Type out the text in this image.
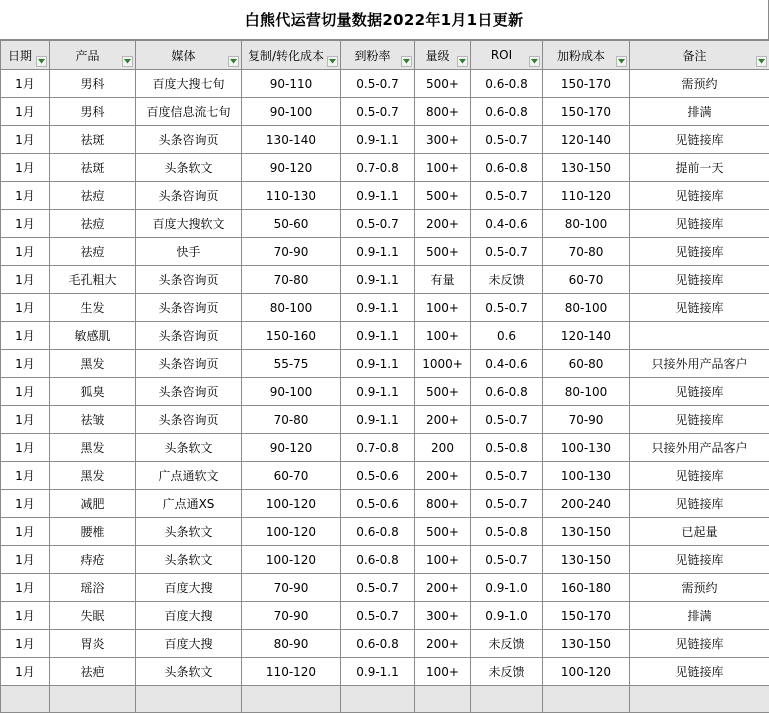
白熊代运营切量数据2022年1月1日更新
日期	产品	媒体	复制/转化成本	到粉率	量级	ROI	加粉成本	备注

1月	男科	百度大搜七旬	90-110	0.5-0.7	500+	0.6-0.8	150-170	需预约
1月	男科	百度信息流七旬	90-100	0.5-0.7	800+	0.6-0.8	150-170	排满
1月	祛斑	头条咨询页	130-140	0.9-1.1	300+	0.5-0.7	120-140	见链接库
1月	祛斑	头条软文	90-120	0.7-0.8	100+	0.6-0.8	130-150	提前一天
1月	祛痘	头条咨询页	110-130	0.9-1.1	500+	0.5-0.7	110-120	见链接库
1月	祛痘	百度大搜软文	50-60	0.5-0.7	200+	0.4-0.6	80-100	见链接库
1月	祛痘	快手	70-90	0.9-1.1	500+	0.5-0.7	70-80	见链接库
1月	毛孔粗大	头条咨询页	70-80	0.9-1.1	有量	未反馈	60-70	见链接库
1月	生发	头条咨询页	80-100	0.9-1.1	100+	0.5-0.7	80-100	见链接库
1月	敏感肌	头条咨询页	150-160	0.9-1.1	100+	0.6	120-140	
1月	黑发	头条咨询页	55-75	0.9-1.1	1000+	0.4-0.6	60-80	只接外用产品客户
1月	狐臭	头条咨询页	90-100	0.9-1.1	500+	0.6-0.8	80-100	见链接库
1月	祛皱	头条咨询页	70-80	0.9-1.1	200+	0.5-0.7	70-90	见链接库
1月	黑发	头条软文	90-120	0.7-0.8	200	0.5-0.8	100-130	只接外用产品客户
1月	黑发	广点通软文	60-70	0.5-0.6	200+	0.5-0.7	100-130	见链接库
1月	减肥	广点通XS	100-120	0.5-0.6	800+	0.5-0.7	200-240	见链接库
1月	腰椎	头条软文	100-120	0.6-0.8	500+	0.5-0.8	130-150	已起量
1月	痔疮	头条软文	100-120	0.6-0.8	100+	0.5-0.7	130-150	见链接库
1月	瑶浴	百度大搜	70-90	0.5-0.7	200+	0.9-1.0	160-180	需预约
1月	失眠	百度大搜	70-90	0.5-0.7	300+	0.9-1.0	150-170	排满
1月	胃炎	百度大搜	80-90	0.6-0.8	200+	未反馈	130-150	见链接库
1月	祛疤	头条软文	110-120	0.9-1.1	100+	未反馈	100-120	见链接库
